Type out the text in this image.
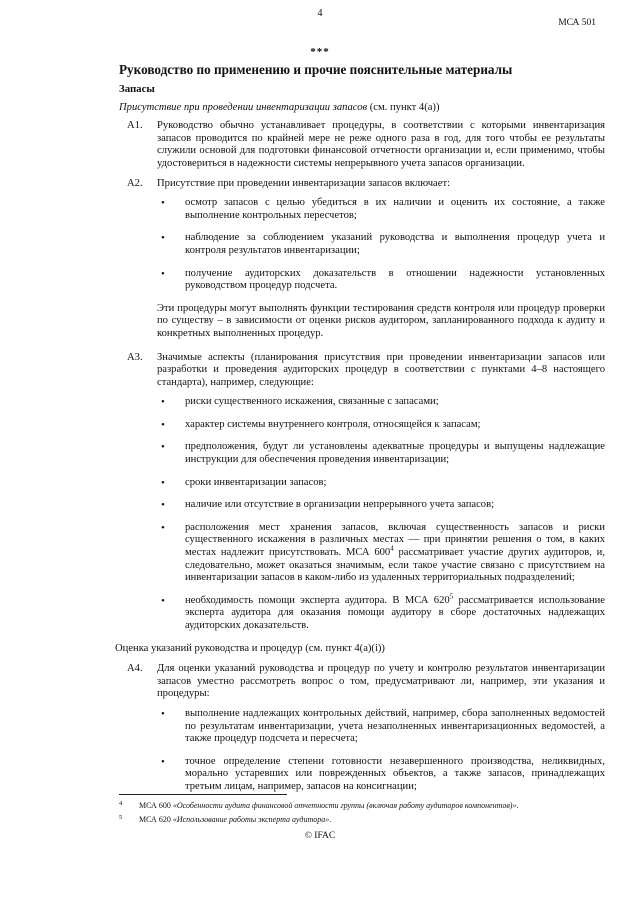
4
МСА 501
***
Руководство по применению и прочие пояснительные материалы
Запасы
Присутствие при проведении инвентаризации запасов (см. пункт 4(а))
A1. Руководство обычно устанавливает процедуры, в соответствии с которыми инвентаризация запасов проводится по крайней мере не реже одного раза в год, для того чтобы ее результаты служили основой для подготовки финансовой отчетности организации и, если применимо, чтобы удостовериться в надежности системы непрерывного учета запасов организации.
A2. Присутствие при проведении инвентаризации запасов включает:
• осмотр запасов с целью убедиться в их наличии и оценить их состояние, а также выполнение контрольных пересчетов;
• наблюдение за соблюдением указаний руководства и выполнения процедур учета и контроля результатов инвентаризации;
• получение аудиторских доказательств в отношении надежности установленных руководством процедур подсчета.
Эти процедуры могут выполнять функции тестирования средств контроля или процедур проверки по существу – в зависимости от оценки рисков аудитором, запланированного подхода к аудиту и конкретных выполненных процедур.
A3. Значимые аспекты (планирования присутствия при проведении инвентаризации запасов или разработки и проведения аудиторских процедур в соответствии с пунктами 4–8 настоящего стандарта), например, следующие:
• риски существенного искажения, связанные с запасами;
• характер системы внутреннего контроля, относящейся к запасам;
• предположения, будут ли установлены адекватные процедуры и выпущены надлежащие инструкции для обеспечения проведения инвентаризации;
• сроки инвентаризации запасов;
• наличие или отсутствие в организации непрерывного учета запасов;
• расположения мест хранения запасов, включая существенность запасов и риски существенного искажения в различных местах — при принятии решения о том, в каких местах надлежит присутствовать. МСА $600^4$ рассматривает участие других аудиторов, и, следовательно, может оказаться значимым, если такое участие связано с присутствием на инвентаризации запасов в каком-либо из удаленных территориальных подразделений;
• необходимость помощи эксперта аудитора. В МСА $620^5$ рассматривается использование эксперта аудитора для оказания помощи аудитору в сборе достаточных надлежащих аудиторских доказательств.
Оценка указаний руководства и процедур (см. пункт 4(а)(i))
A4. Для оценки указаний руководства и процедур по учету и контролю результатов инвентаризации запасов уместно рассмотреть вопрос о том, предусматривают ли, например, эти указания и процедуры:
• выполнение надлежащих контрольных действий, например, сбора заполненных ведомостей по результатам инвентаризации, учета незаполненных инвентаризационных ведомостей, а также процедур подсчета и пересчета;
• точное определение степени готовности незавершенного производства, неликвидных, морально устаревших или поврежденных объектов, а также запасов, принадлежащих третьим лицам, например, запасов на консигнации;
4 МСА 600 «Особенности аудита финансовой отчетности группы (включая работу аудиторов компонентов)».
5 МСА 620 «Использование работы эксперта аудитора».
© IFAC
